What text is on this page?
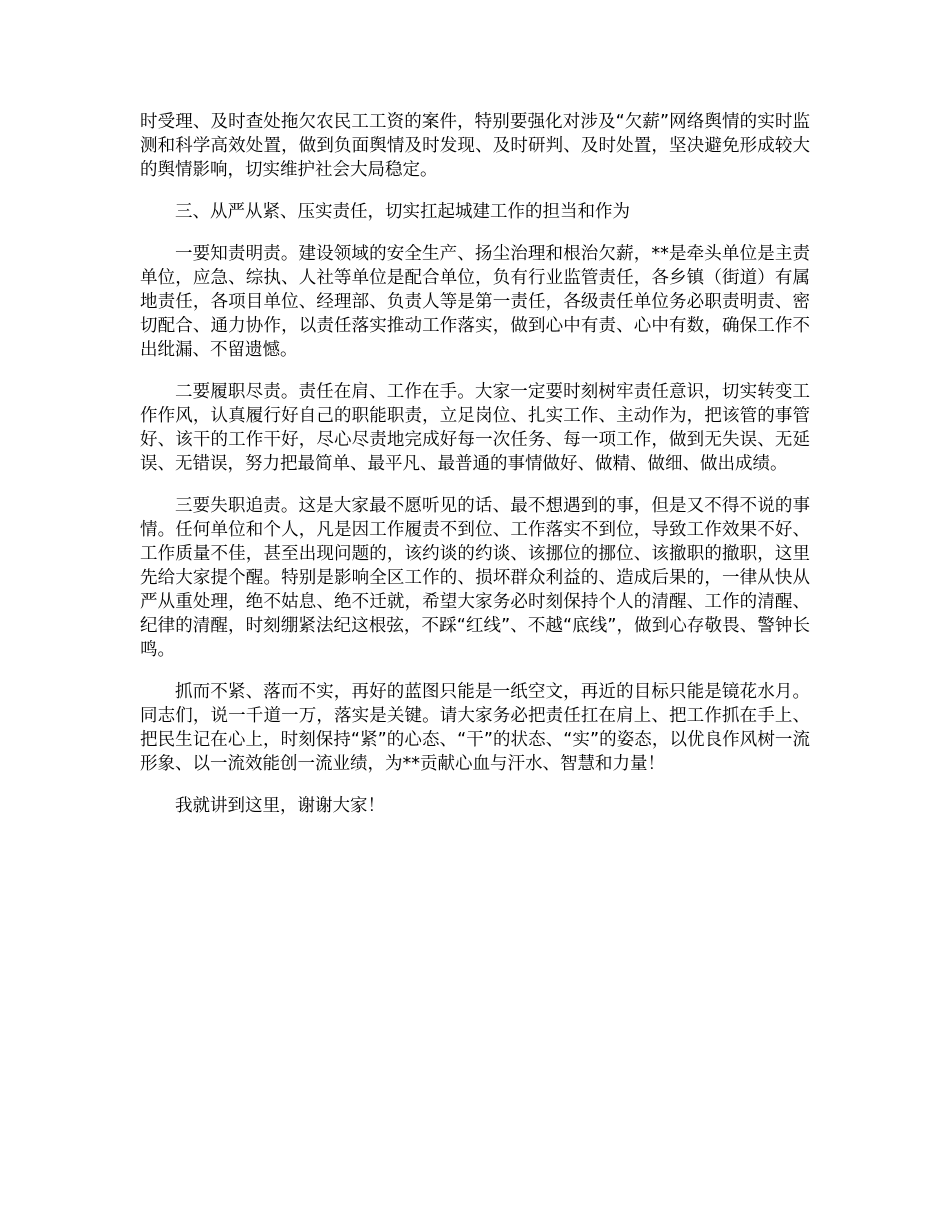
时受理、及时查处拖欠农民工工资的案件，特别要强化对涉及“欠薪”网络舆情的实时监测和科学高效处置，做到负面舆情及时发现、及时研判、及时处置，坚决避免形成较大的舆情影响，切实维护社会大局稳定。

三、从严从紧、压实责任，切实扛起城建工作的担当和作为

一要知责明责。建设领域的安全生产、扬尘治理和根治欠薪，**是牵头单位是主责单位，应急、综执、人社等单位是配合单位，负有行业监管责任，各乡镇（街道）有属地责任，各项目单位、经理部、负责人等是第一责任，各级责任单位务必职责明责、密切配合、通力协作，以责任落实推动工作落实，做到心中有责、心中有数，确保工作不出纰漏、不留遗憾。

二要履职尽责。责任在肩、工作在手。大家一定要时刻树牢责任意识，切实转变工作作风，认真履行好自己的职能职责，立足岗位、扎实工作、主动作为，把该管的事管好、该干的工作干好，尽心尽责地完成好每一次任务、每一项工作，做到无失误、无延误、无错误，努力把最简单、最平凡、最普通的事情做好、做精、做细、做出成绩。

三要失职追责。这是大家最不愿听见的话、最不想遇到的事，但是又不得不说的事情。任何单位和个人，凡是因工作履责不到位、工作落实不到位，导致工作效果不好、工作质量不佳，甚至出现问题的，该约谈的约谈、该挪位的挪位、该撤职的撤职，这里先给大家提个醒。特别是影响全区工作的、损坏群众利益的、造成后果的，一律从快从严从重处理，绝不姑息、绝不迁就，希望大家务必时刻保持个人的清醒、工作的清醒、纪律的清醒，时刻绷紧法纪这根弦，不踩“红线”、不越“底线”，做到心存敬畏、警钟长鸣。

抓而不紧、落而不实，再好的蓝图只能是一纸空文，再近的目标只能是镜花水月。同志们，说一千道一万，落实是关键。请大家务必把责任扛在肩上、把工作抓在手上、把民生记在心上，时刻保持“紧”的心态、“干”的状态、“实”的姿态，以优良作风树一流形象、以一流效能创一流业绩，为**贡献心血与汗水、智慧和力量！

我就讲到这里，谢谢大家！
